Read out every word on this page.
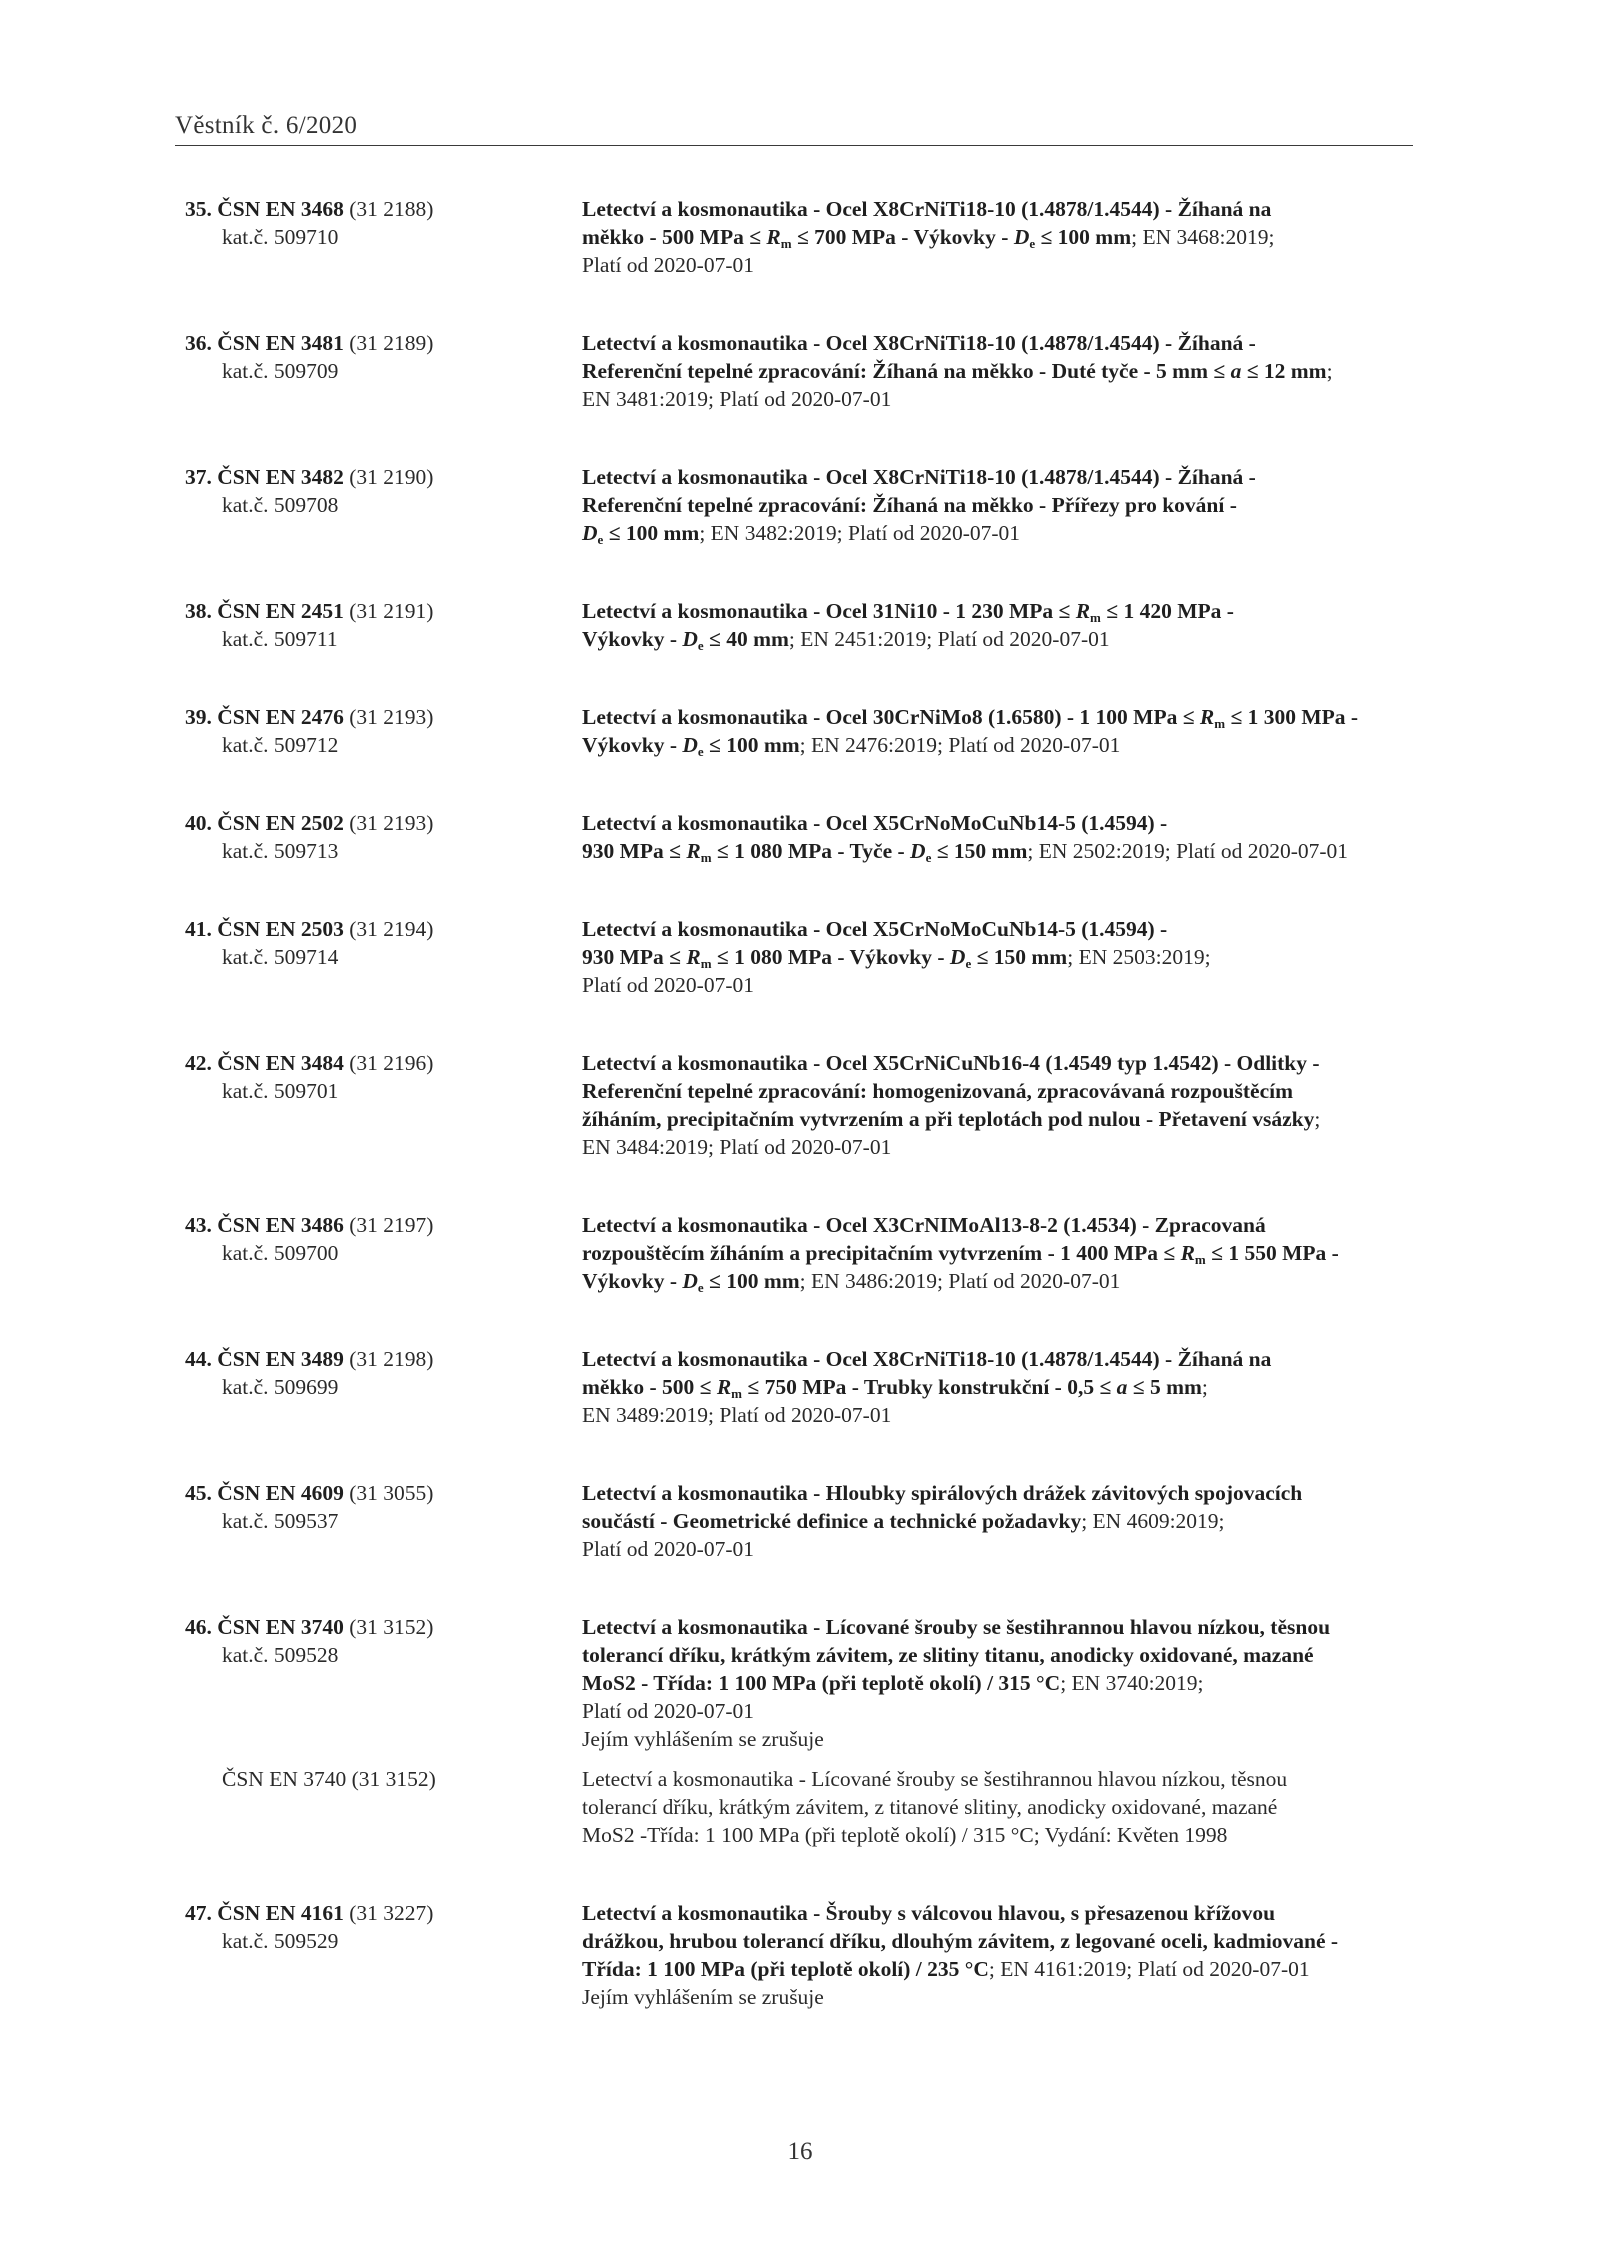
Věstník č. 6/2020
35. ČSN EN 3468 (31 2188)
kat.č. 509710
Letectví a kosmonautika - Ocel X8CrNiTi18-10 (1.4878/1.4544) - Žíhaná na
měkko - 500 MPa ≤ $R_m \le 700$ MPa - Výkovky - $D_e \le 100$ mm; EN 3468:2019;
Platí od 2020-07-01
36. ČSN EN 3481 (31 2189)
kat.č. 509709
Letectví a kosmonautika - Ocel X8CrNiTi18-10 (1.4878/1.4544) - Žíhaná -
Referenční tepelné zpracování: Žíhaná na měkko - Duté tyče - 5 mm ≤ a ≤ 12 mm;
EN 3481:2019; Platí od 2020-07-01
37. ČSN EN 3482 (31 2190)
kat.č. 509708
Letectví a kosmonautika - Ocel X8CrNiTi18-10 (1.4878/1.4544) - Žíhaná -
Referenční tepelné zpracování: Žíhaná na měkko - Přířezy pro kování -
$D_e \le 100$ mm; EN 3482:2019; Platí od 2020-07-01
38. ČSN EN 2451 (31 2191)
kat.č. 509711
Letectví a kosmonautika - Ocel 31Ni10 - 1 230 MPa ≤ $R_m \le 1$ 420 MPa -
Výkovky - $D_e \le 40$ mm; EN 2451:2019; Platí od 2020-07-01
39. ČSN EN 2476 (31 2193)
kat.č. 509712
Letectví a kosmonautika - Ocel 30CrNiMo8 (1.6580) - 1 100 MPa ≤ $R_m \le 1$ 300 MPa -
Výkovky - $D_e \le 100$ mm; EN 2476:2019; Platí od 2020-07-01
40. ČSN EN 2502 (31 2193)
kat.č. 509713
Letectví a kosmonautika - Ocel X5CrNoMoCuNb14-5 (1.4594) -
930 MPa ≤ $R_m \le 1$ 080 MPa - Tyče - $D_e \le 150$ mm; EN 2502:2019; Platí od 2020-07-01
41. ČSN EN 2503 (31 2194)
kat.č. 509714
Letectví a kosmonautika - Ocel X5CrNoMoCuNb14-5 (1.4594) -
930 MPa ≤ $R_m \le 1$ 080 MPa - Výkovky - $D_e \le 150$ mm; EN 2503:2019;
Platí od 2020-07-01
42. ČSN EN 3484 (31 2196)
kat.č. 509701
Letectví a kosmonautika - Ocel X5CrNiCuNb16-4 (1.4549 typ 1.4542) - Odlitky -
Referenční tepelné zpracování: homogenizovaná, zpracovávaná rozpouštěcím
žíháním, precipitačním vytvrzením a při teplotách pod nulou - Přetavení vsázky;
EN 3484:2019; Platí od 2020-07-01
43. ČSN EN 3486 (31 2197)
kat.č. 509700
Letectví a kosmonautika - Ocel X3CrNIMoAl13-8-2 (1.4534) - Zpracovaná
rozpouštěcím žíháním a precipitačním vytvrzením - 1 400 MPa ≤ $R_m \le 1$ 550 MPa -
Výkovky - $D_e \le 100$ mm; EN 3486:2019; Platí od 2020-07-01
44. ČSN EN 3489 (31 2198)
kat.č. 509699
Letectví a kosmonautika - Ocel X8CrNiTi18-10 (1.4878/1.4544) - Žíhaná na
měkko - $500 \le R_m \le 750$ MPa - Trubky konstrukční - 0,5 ≤ a ≤ 5 mm;
EN 3489:2019; Platí od 2020-07-01
45. ČSN EN 4609 (31 3055)
kat.č. 509537
Letectví a kosmonautika - Hloubky spirálových drážek závitových spojovacích
součástí - Geometrické definice a technické požadavky; EN 4609:2019;
Platí od 2020-07-01
46. ČSN EN 3740 (31 3152)
kat.č. 509528
ČSN EN 3740 (31 3152)
Letectví a kosmonautika - Lícované šrouby se šestihrannou hlavou nízkou, těsnou
tolerancí dříku, krátkým závitem, ze slitiny titanu, anodicky oxidované, mazané
MoS2 - Třída: 1 100 MPa (při teplotě okolí) / 315 °C; EN 3740:2019;
Platí od 2020-07-01
Jejím vyhlášením se zrušuje
Letectví a kosmonautika - Lícované šrouby se šestihrannou hlavou nízkou, těsnou
tolerancí dříku, krátkým závitem, z titanové slitiny, anodicky oxidované, mazané
MoS2 -Třída: 1 100 MPa (při teplotě okolí) / 315 °C; Vydání: Květen 1998
47. ČSN EN 4161 (31 3227)
kat.č. 509529
Letectví a kosmonautika - Šrouby s válcovou hlavou, s přesazenou křížovou
drážkou, hrubou tolerancí dříku, dlouhým závitem, z legované oceli, kadmiované -
Třída: 1 100 MPa (při teplotě okolí) / 235 °C; EN 4161:2019; Platí od 2020-07-01
Jejím vyhlášením se zrušuje
16
